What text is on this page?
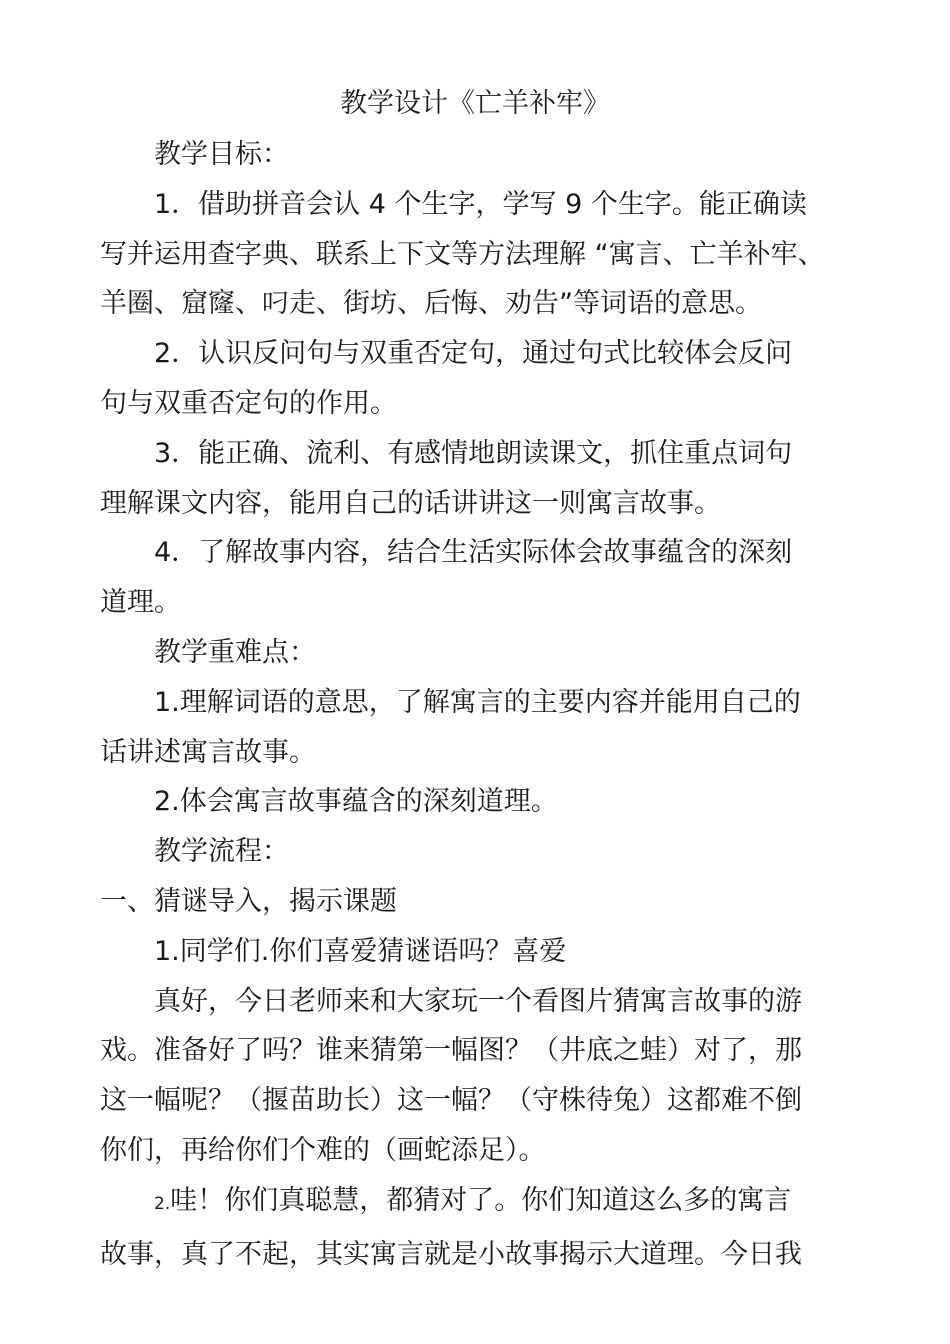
教学设计《亡羊补牢》

教学目标：

1．借助拼音会认 4 个生字，学写 9 个生字。能正确读

写并运用查字典、联系上下文等方法理解 “寓言、亡羊补牢、

羊圈、窟窿、叼走、街坊、后悔、劝告”等词语的意思。

2．认识反问句与双重否定句，通过句式比较体会反问

句与双重否定句的作用。

3．能正确、流利、有感情地朗读课文，抓住重点词句

理解课文内容，能用自己的话讲讲这一则寓言故事。

4．了解故事内容，结合生活实际体会故事蕴含的深刻

道理。

教学重难点：

1.理解词语的意思，了解寓言的主要内容并能用自己的

话讲述寓言故事。

2.体会寓言故事蕴含的深刻道理。

教学流程：

一、猜谜导入，揭示课题

1.同学们.你们喜爱猜谜语吗？喜爱

真好，今日老师来和大家玩一个看图片猜寓言故事的游

戏。准备好了吗？谁来猜第一幅图？（井底之蛙）对了，那

这一幅呢？（揠苗助长）这一幅？（守株待兔）这都难不倒

你们，再给你们个难的（画蛇添足）。

2.哇！你们真聪慧，都猜对了。你们知道这么多的寓言

故事，真了不起，其实寓言就是小故事揭示大道理。今日我
